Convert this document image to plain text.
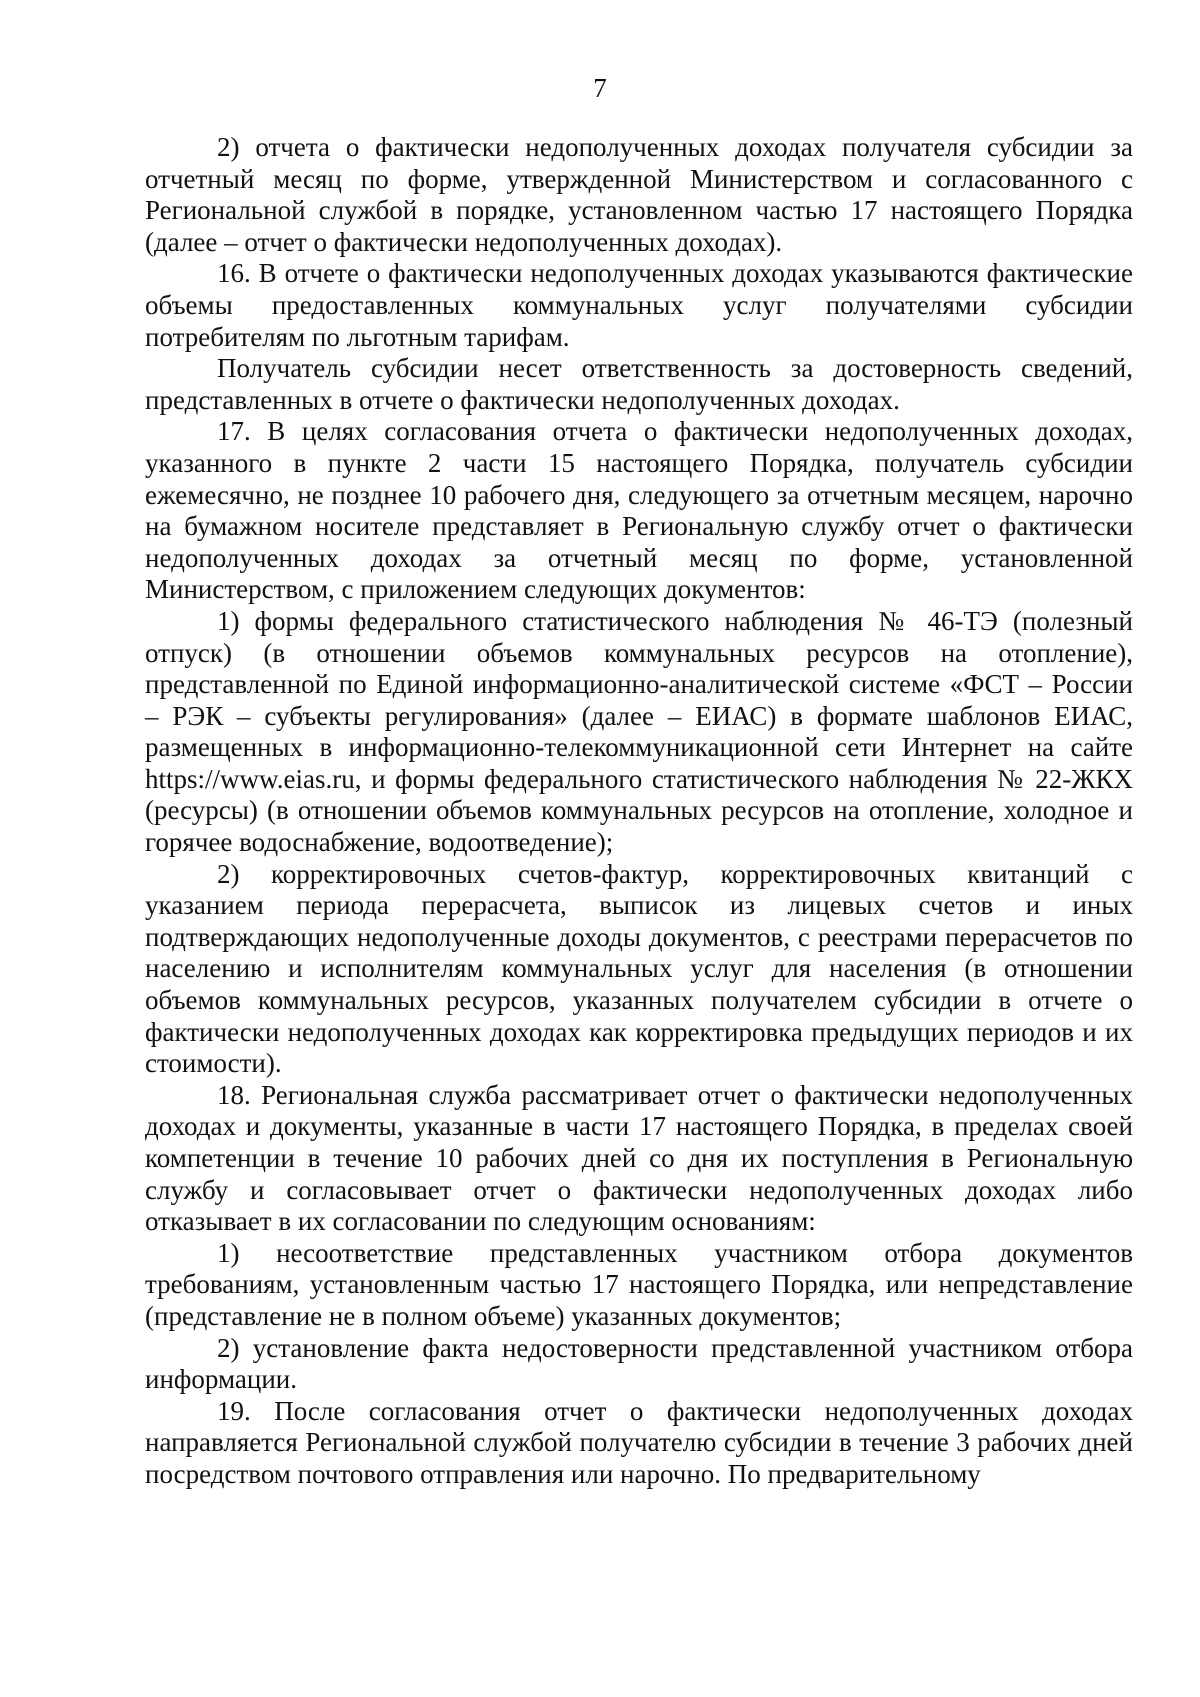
7

2) отчета о фактически недополученных доходах получателя субсидии за отчетный месяц по форме, утвержденной Министерством и согласованного с Региональной службой в порядке, установленном частью 17 настоящего Порядка (далее – отчет о фактически недополученных доходах).

16. В отчете о фактически недополученных доходах указываются фактические объемы предоставленных коммунальных услуг получателями субсидии потребителям по льготным тарифам.

Получатель субсидии несет ответственность за достоверность сведений, представленных в отчете о фактически недополученных доходах.

17. В целях согласования отчета о фактически недополученных доходах, указанного в пункте 2 части 15 настоящего Порядка, получатель субсидии ежемесячно, не позднее 10 рабочего дня, следующего за отчетным месяцем, нарочно на бумажном носителе представляет в Региональную службу отчет о фактически недополученных доходах за отчетный месяц по форме, установленной Министерством, с приложением следующих документов:

1) формы федерального статистического наблюдения № 46-ТЭ (полезный отпуск) (в отношении объемов коммунальных ресурсов на отопление), представленной по Единой информационно-аналитической системе «ФСТ – России – РЭК – субъекты регулирования» (далее – ЕИАС) в формате шаблонов ЕИАС, размещенных в информационно-телекоммуникационной сети Интернет на сайте https://www.eias.ru, и формы федерального статистического наблюдения № 22-ЖКХ (ресурсы) (в отношении объемов коммунальных ресурсов на отопление, холодное и горячее водоснабжение, водоотведение);

2) корректировочных счетов-фактур, корректировочных квитанций с указанием периода перерасчета, выписок из лицевых счетов и иных подтверждающих недополученные доходы документов, с реестрами перерасчетов по населению и исполнителям коммунальных услуг для населения (в отношении объемов коммунальных ресурсов, указанных получателем субсидии в отчете о фактически недополученных доходах как корректировка предыдущих периодов и их стоимости).

18. Региональная служба рассматривает отчет о фактически недополученных доходах и документы, указанные в части 17 настоящего Порядка, в пределах своей компетенции в течение 10 рабочих дней со дня их поступления в Региональную службу и согласовывает отчет о фактически недополученных доходах либо отказывает в их согласовании по следующим основаниям:

1) несоответствие представленных участником отбора документов требованиям, установленным частью 17 настоящего Порядка, или непредставление (представление не в полном объеме) указанных документов;

2) установление факта недостоверности представленной участником отбора информации.

19. После согласования отчет о фактически недополученных доходах направляется Региональной службой получателю субсидии в течение 3 рабочих дней посредством почтового отправления или нарочно. По предварительному
